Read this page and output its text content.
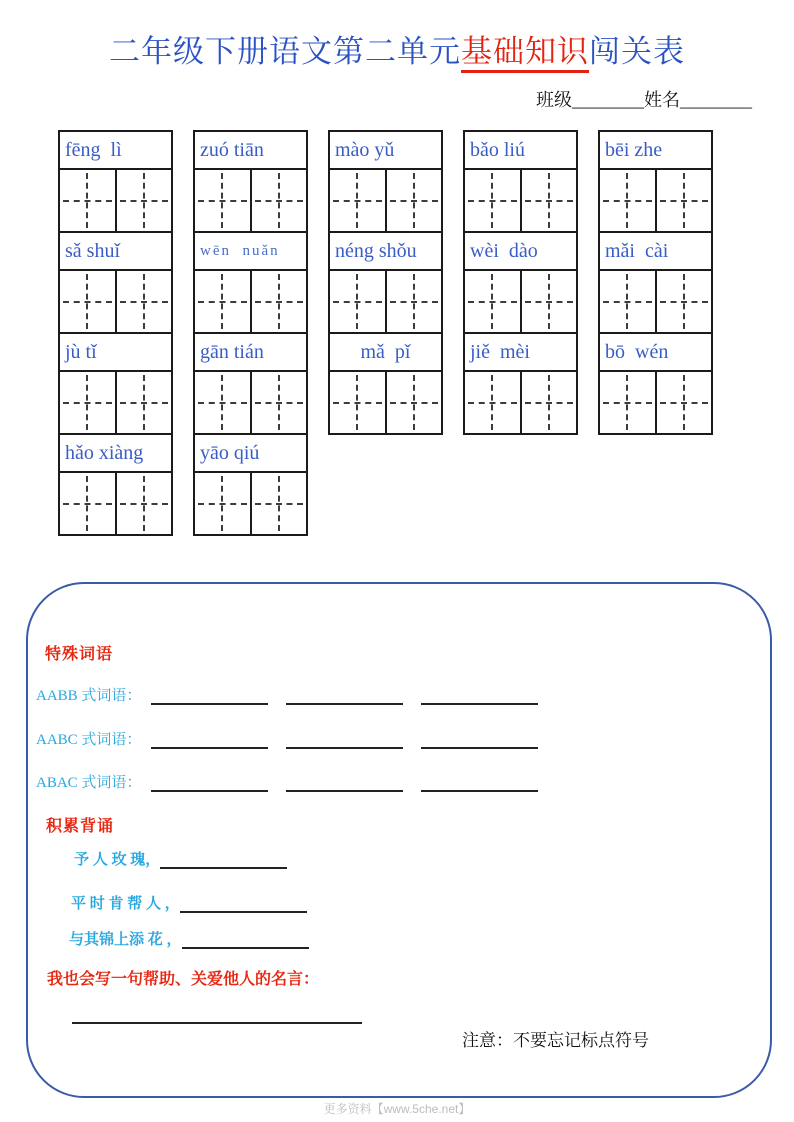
二年级下册语文第二单元基础知识闯关表
班级________姓名________
fēng  lì
sǎ shuǐ
jù tǐ
hǎo xiàng
zuó tiān
wēn  nuǎn
gān tián
yāo qiú
mào yǔ
néng shǒu
mǎ  pǐ
bǎo liú
wèi  dào
jiě  mèi
bēi zhe
mǎi  cài
bō  wén
特殊词语
AABB 式词语：
AABC 式词语：
ABAC 式词语：
积累背诵
予 人 玫 瑰，
平 时 肯 帮 人 ，
与其锦上添 花 ，
我也会写一句帮助、关爱他人的名言：
注意：不要忘记标点符号
更多资料【www.5che.net】
